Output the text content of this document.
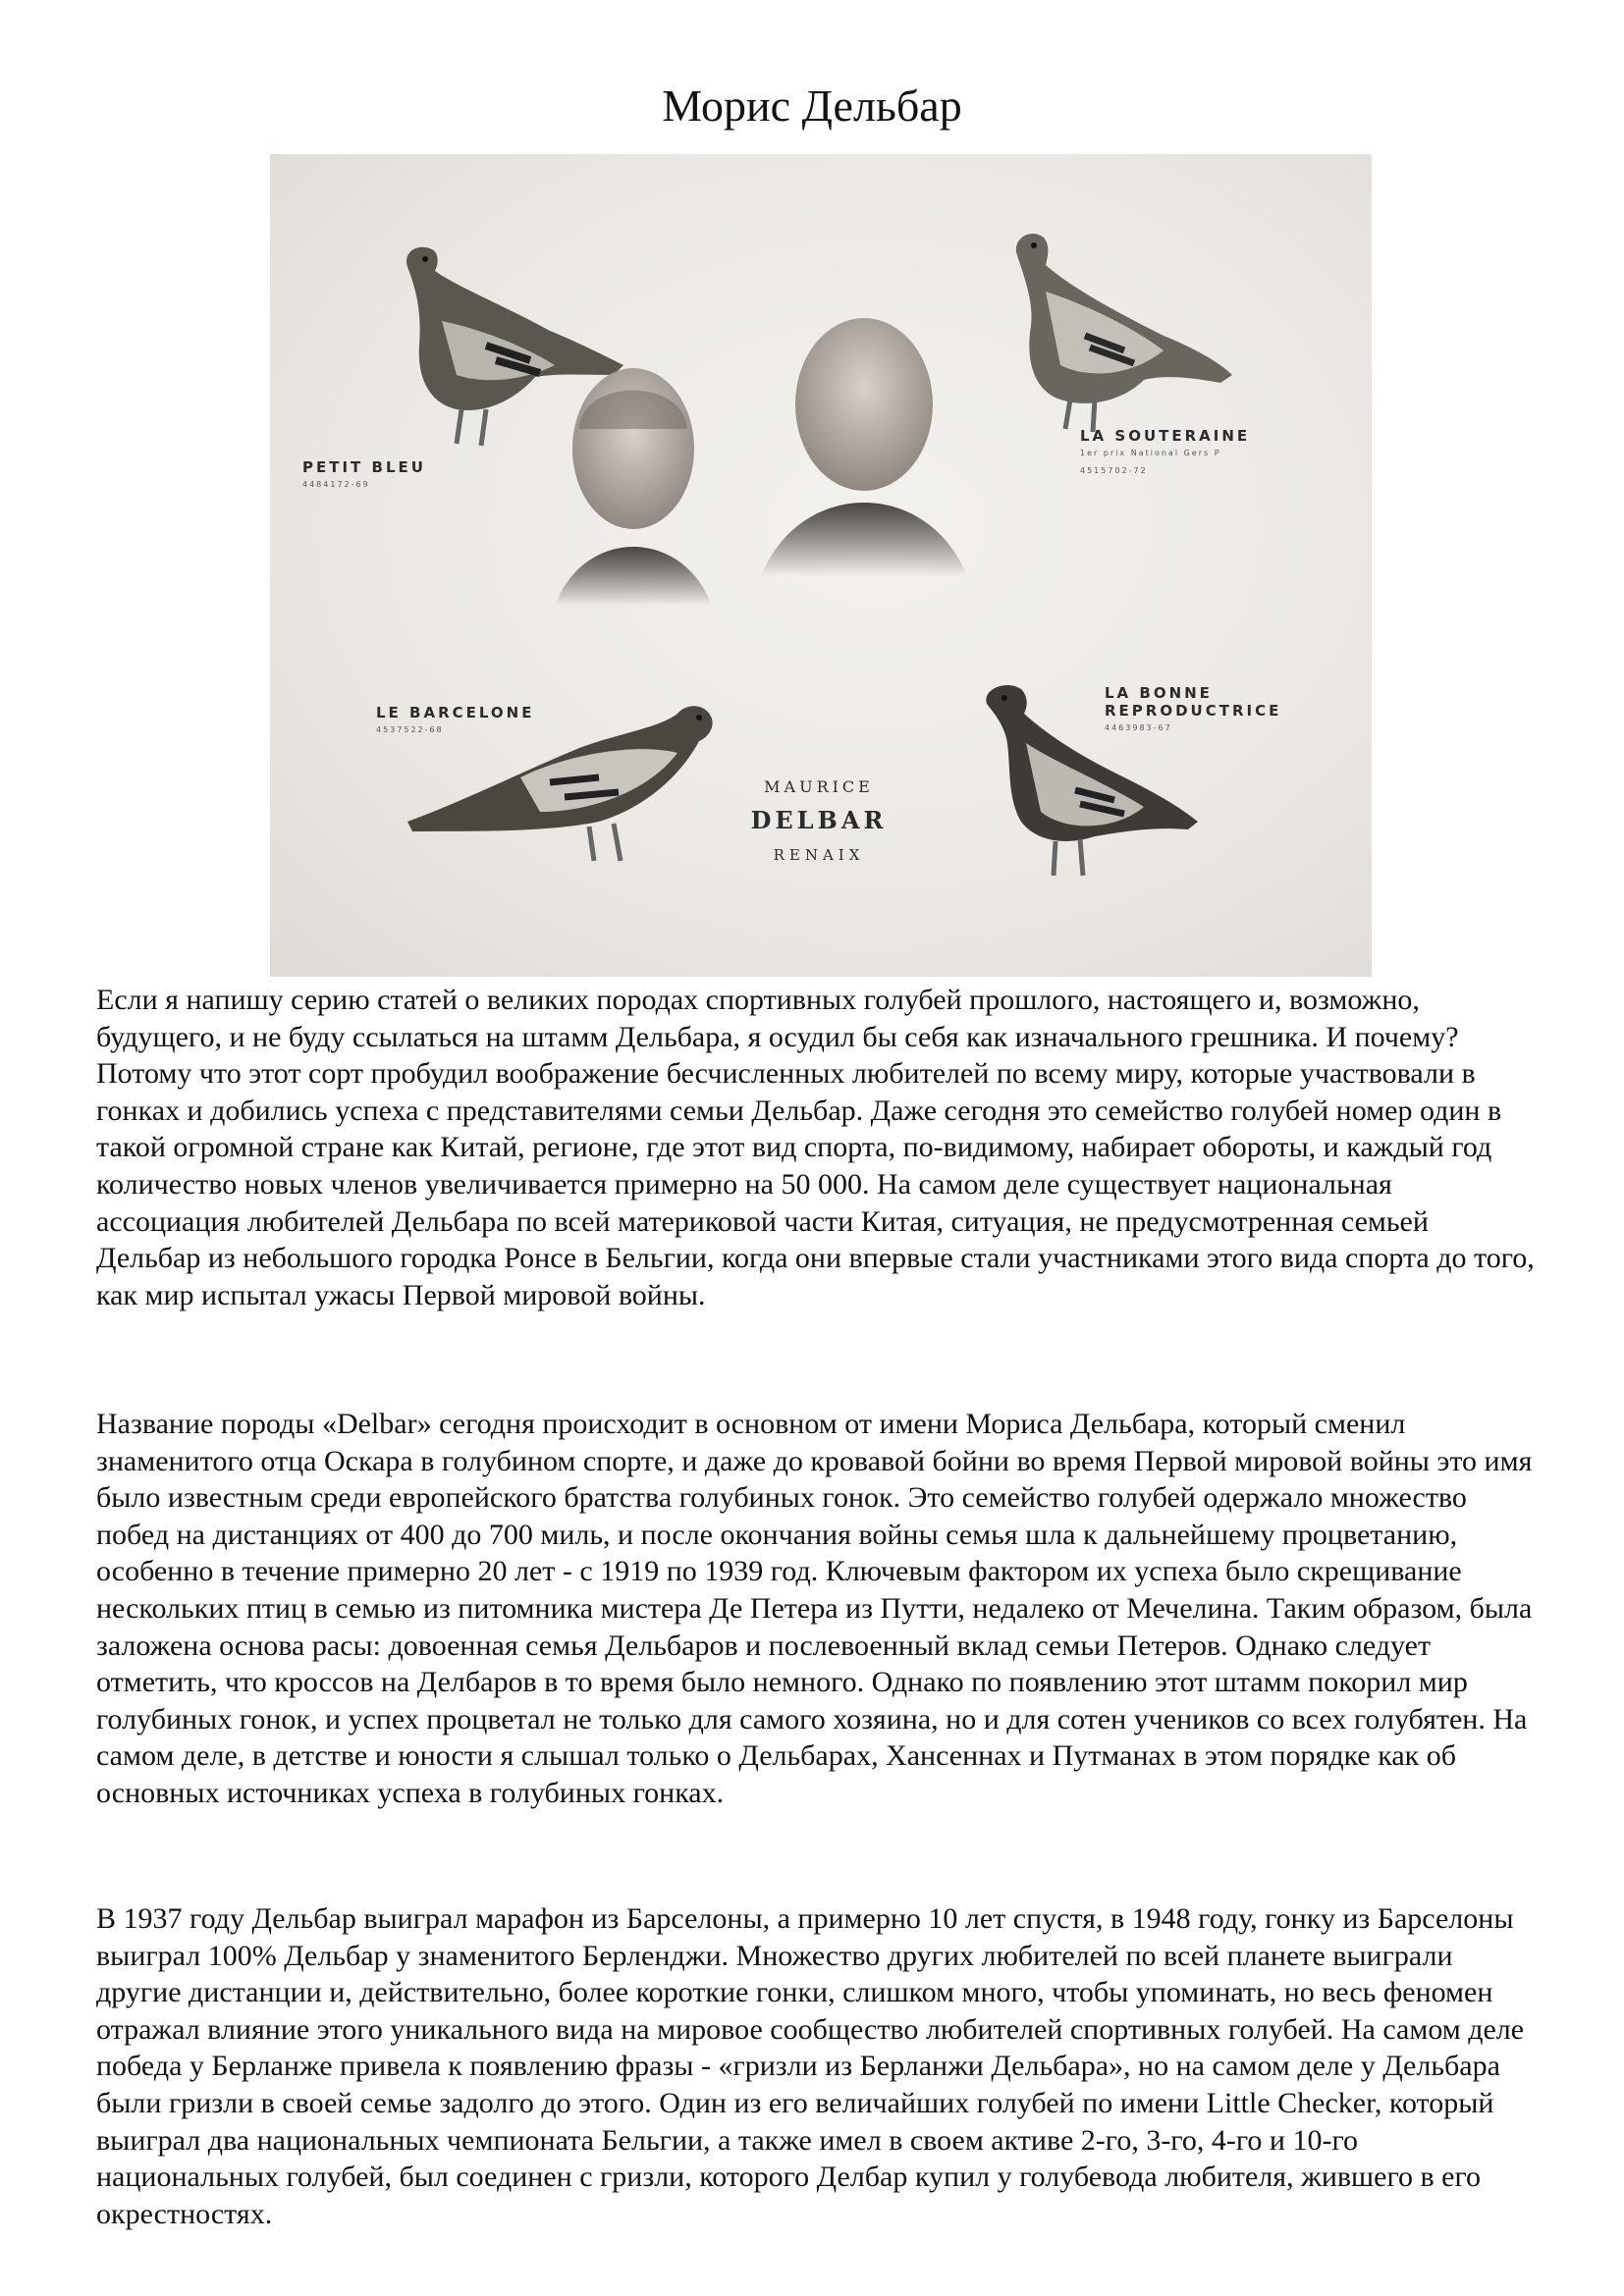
Морис Дельбар
PETIT BLEU
4484172-69
LA SOUTERAINE
1er prix National Gers P
4515702-72
LE BARCELONE
4537522-68
LA BONNE
REPRODUCTRICE
4463983-67
MAURICE
DELBAR
RENAIX

Если я напишу серию статей о великих породах спортивных голубей прошлого, настоящего и, возможно, будущего, и не буду ссылаться на штамм Дельбара, я осудил бы себя как изначального грешника. И почему? Потому что этот сорт пробудил воображение бесчисленных любителей по всему миру, которые участвовали в гонках и добились успеха с представителями семьи Дельбар. Даже сегодня это семейство голубей номер один в такой огромной стране как Китай, регионе, где этот вид спорта, по-видимому, набирает обороты, и каждый год количество новых членов увеличивается примерно на 50 000. На самом деле существует национальная ассоциация любителей Дельбара по всей материковой части Китая, ситуация, не предусмотренная семьей Дельбар из небольшого городка Ронсе в Бельгии, когда они впервые стали участниками этого вида спорта до того, как мир испытал ужасы Первой мировой войны.

Название породы «Delbar» сегодня происходит в основном от имени Мориса Дельбара, который сменил знаменитого отца Оскара в голубином спорте, и даже до кровавой бойни во время Первой мировой войны это имя было известным среди европейского братства голубиных гонок. Это семейство голубей одержало множество побед на дистанциях от 400 до 700 миль, и после окончания войны семья шла к дальнейшему процветанию, особенно в течение примерно 20 лет - с 1919 по 1939 год. Ключевым фактором их успеха было скрещивание нескольких птиц в семью из питомника мистера Де Петера из Путти, недалеко от Мечелина. Таким образом, была заложена основа расы: довоенная семья Дельбаров и послевоенный вклад семьи Петеров. Однако следует отметить, что кроссов на Делбаров в то время было немного. Однако по появлению этот штамм покорил мир голубиных гонок, и успех процветал не только для самого хозяина, но и для сотен учеников со всех голубятен. На самом деле, в детстве и юности я слышал только о Дельбарах, Хансеннах и Путманах в этом порядке как об основных источниках успеха в голубиных гонках.

В 1937 году Дельбар выиграл марафон из Барселоны, а примерно 10 лет спустя, в 1948 году, гонку из Барселоны выиграл 100% Дельбар у знаменитого Берленджи. Множество других любителей по всей планете выиграли другие дистанции и, действительно, более короткие гонки, слишком много, чтобы упоминать, но весь феномен отражал влияние этого уникального вида на мировое сообщество любителей спортивных голубей. На самом деле победа у Берланже привела к появлению фразы - «гризли из Берланжи Дельбара», но на самом деле у Дельбара были гризли в своей семье задолго до этого. Один из его величайших голубей по имени Little Checker, который выиграл два национальных чемпионата Бельгии, а также имел в своем активе 2-го, 3-го, 4-го и 10-го национальных голубей, был соединен с гризли, которого Делбар купил у голубевода любителя, жившего в его окрестностях.
